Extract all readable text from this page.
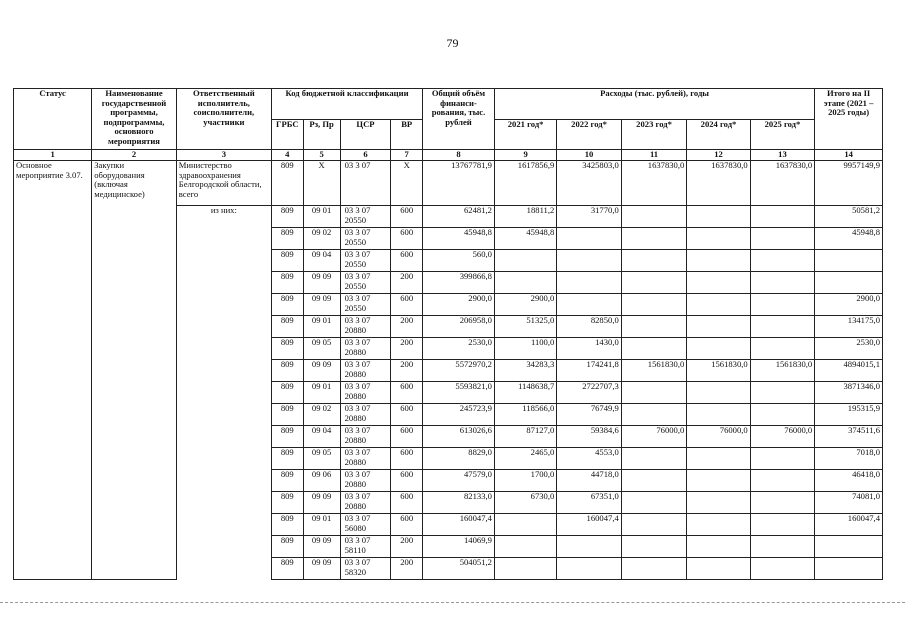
79
Статус	Наименование государственной программы, подпрограммы, основного мероприятия	Ответственный исполнитель, соисполнители, участники	Код бюджетной классификации				Общий объём финанси-рования, тыс. рублей	Расходы (тыс. рублей), годы					Итого на II этапе (2021 – 2025 годы)
			ГРБС	Рз, Пр	ЦСР	ВР		2021 год*	2022 год*	2023 год*	2024 год*	2025 год*	
1	2	3	4	5	6	7	8	9	10	11	12	13	14
Основное мероприятие 3.07.	Закупки оборудования (включая медицинское)	Министерство здравоохранения Белгородской области, всего	809	Х	03 3 07	Х	13767781,9	1617856,9	3425803,0	1637830,0	1637830,0	1637830,0	9957149,9
		из них:	809	09 01	03 3 07 20550	600	62481,2	18811,2	31770,0				50581,2
			809	09 02	03 3 07 20550	600	45948,8	45948,8					45948,8
			809	09 04	03 3 07 20550	600	560,0						
			809	09 09	03 3 07 20550	200	399866,8						
			809	09 09	03 3 07 20550	600	2900,0	2900,0					2900,0
			809	09 01	03 3 07 20880	200	206958,0	51325,0	82850,0				134175,0
			809	09 05	03 3 07 20880	200	2530,0	1100,0	1430,0				2530,0
			809	09 09	03 3 07 20880	200	5572970,2	34283,3	174241,8	1561830,0	1561830,0	1561830,0	4894015,1
			809	09 01	03 3 07 20880	600	5593821,0	1148638,7	2722707,3				3871346,0
			809	09 02	03 3 07 20880	600	245723,9	118566,0	76749,9				195315,9
			809	09 04	03 3 07 20880	600	613026,6	87127,0	59384,6	76000,0	76000,0	76000,0	374511,6
			809	09 05	03 3 07 20880	600	8829,0	2465,0	4553,0				7018,0
			809	09 06	03 3 07 20880	600	47579,0	1700,0	44718,0				46418,0
			809	09 09	03 3 07 20880	600	82133,0	6730,0	67351,0				74081,0
			809	09 01	03 3 07 56080	600	160047,4		160047,4				160047,4
			809	09 09	03 3 07 58110	200	14069,9						
			809	09 09	03 3 07 58320	200	504051,2						
